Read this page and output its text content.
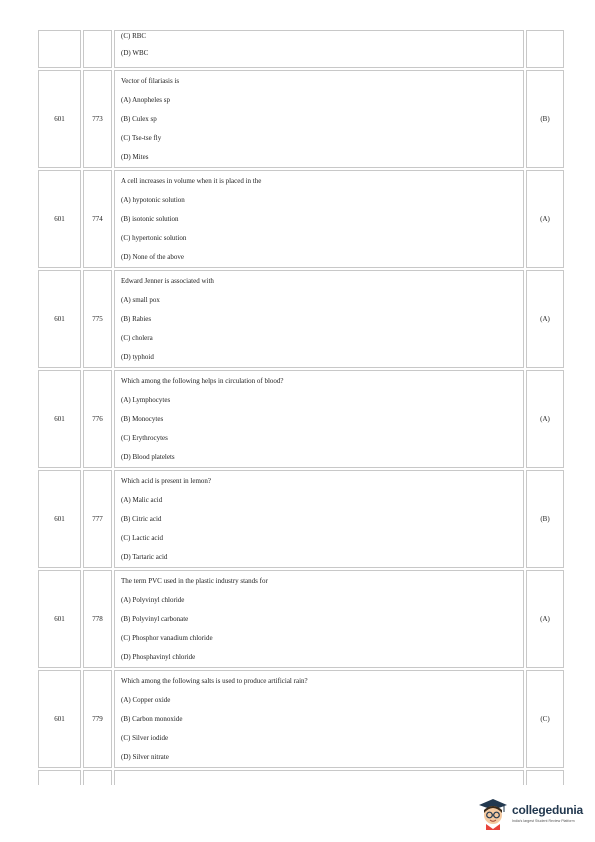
		(C) RBC
(D) WBC	

601	773	Vector of filariasis is
(A) Anopheles sp
(B) Culex sp
(C) Tse-tse fly
(D) Mites	(B)
601	774	A cell increases in volume when it is placed in the
(A) hypotonic solution
(B) isotonic solution
(C) hypertonic solution
(D) None of the above	(A)
601	775	Edward Jenner is associated with
(A) small pox
(B) Rabies
(C) cholera
(D) typhoid	(A)
601	776	Which among the following helps in circulation of blood?
(A) Lymphocytes
(B) Monocytes
(C) Erythrocytes
(D) Blood platelets	(A)
601	777	Which acid is present in lemon?
(A) Malic acid
(B) Citric acid
(C) Lactic acid
(D) Tartaric acid	(B)
601	778	The term PVC used in the plastic industry stands for
(A) Polyvinyl chloride
(B) Polyvinyl carbonate
(C) Phosphor vanadium chloride
(D) Phosphavinyl chloride	(A)
601	779	Which among the following salts is used to produce artificial rain?
(A) Copper oxide
(B) Carbon monoxide
(C) Silver iodide
(D) Silver nitrate	(C)

collegedunia
India's largest Student Review Platform
